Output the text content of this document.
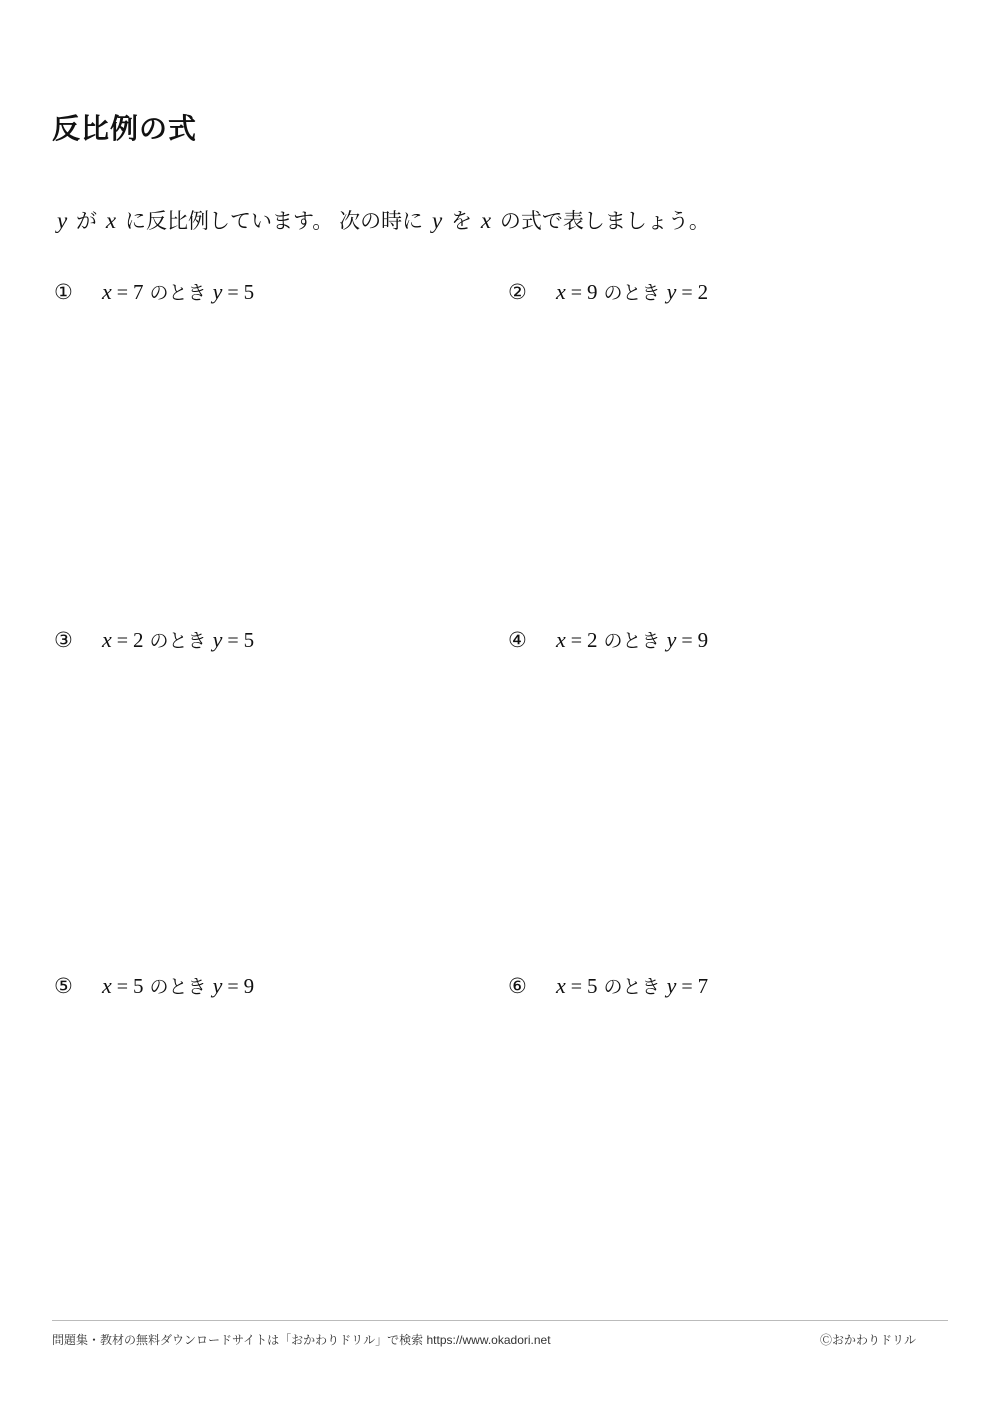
反比例の式
y が x に反比例しています。 次の時に y を x の式で表しましょう。
① x = 7 のとき y = 5	② x = 9 のとき y = 2
③ x = 2 のとき y = 5	④ x = 2 のとき y = 9
⑤ x = 5 のとき y = 9	⑥ x = 5 のとき y = 7
問題集・教材の無料ダウンロードサイトは「おかわりドリル」で検索 https://www.okadori.net	Ⓒおかわりドリル
